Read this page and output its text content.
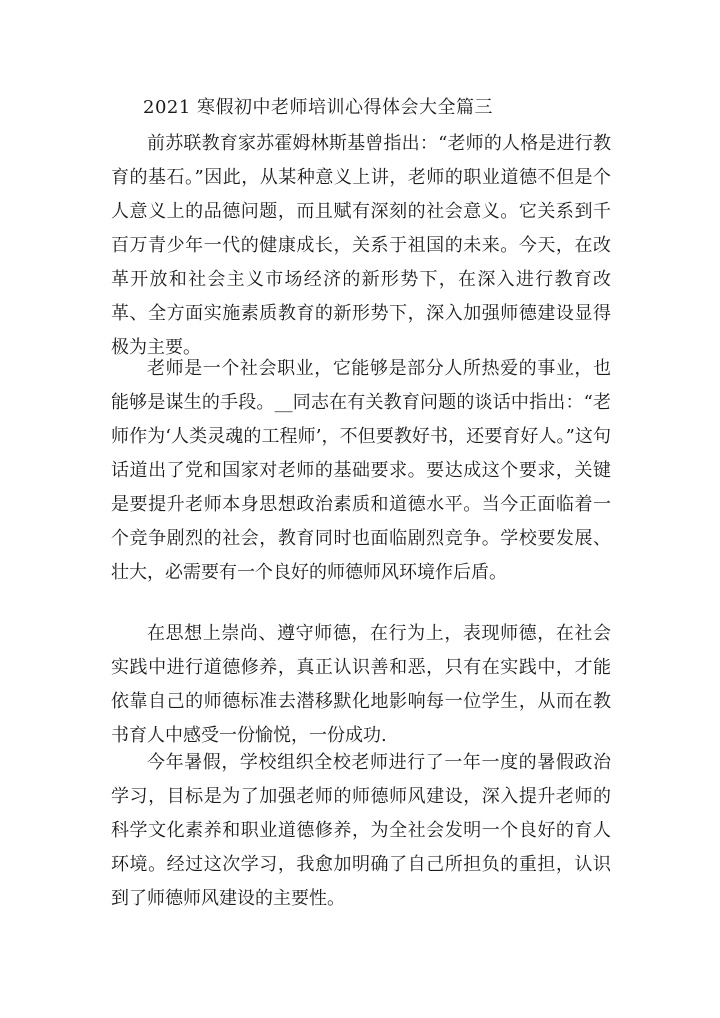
2021 寒假初中老师培训心得体会大全篇三

前苏联教育家苏霍姆林斯基曾指出：“老师的人格是进行教育的基石。”因此，从某种意义上讲，老师的职业道德不但是个人意义上的品德问题，而且赋有深刻的社会意义。它关系到千百万青少年一代的健康成长，关系于祖国的未来。今天，在改革开放和社会主义市场经济的新形势下，在深入进行教育改革、全方面实施素质教育的新形势下，深入加强师德建设显得极为主要。

老师是一个社会职业，它能够是部分人所热爱的事业，也能够是谋生的手段。__同志在有关教育问题的谈话中指出：“老师作为‘人类灵魂的工程师’，不但要教好书，还要育好人。”这句话道出了党和国家对老师的基础要求。要达成这个要求，关键是要提升老师本身思想政治素质和道德水平。当今正面临着一个竞争剧烈的社会，教育同时也面临剧烈竞争。学校要发展、壮大，必需要有一个良好的师德师风环境作后盾。

在思想上崇尚、遵守师德，在行为上，表现师德，在社会实践中进行道德修养，真正认识善和恶，只有在实践中，才能依靠自己的师德标准去潜移默化地影响每一位学生，从而在教书育人中感受一份愉悦，一份成功.

今年暑假，学校组织全校老师进行了一年一度的暑假政治学习，目标是为了加强老师的师德师风建设，深入提升老师的科学文化素养和职业道德修养，为全社会发明一个良好的育人环境。经过这次学习，我愈加明确了自己所担负的重担，认识到了师德师风建设的主要性。
